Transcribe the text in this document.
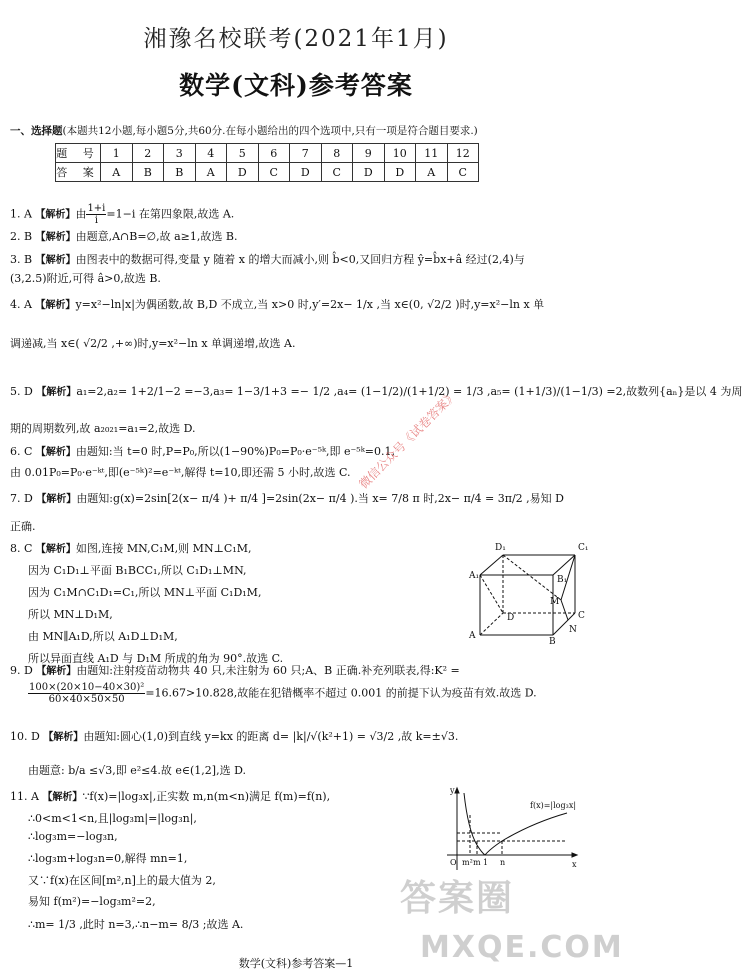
湘豫名校联考(2021年1月)
数学(文科)参考答案
一、选择题(本题共12小题,每小题5分,共60分.在每小题给出的四个选项中,只有一项是符合题目要求.)
题 号	1	2	3	4	5	6	7	8	9	10	11	12
答 案	A	B	B	A	D	C	D	C	D	D	A	C
1. A 【解析】由 $\frac{1+i}{i} =1-i$ 在第四象限,故选 A.
2. B 【解析】由题意,A∩B=∅,故 a≥1,故选 B.
3. B 【解析】由图表中的数据可得,变量 y 随着 x 的增大而减小,则 b̂<0,又回归方程 ŷ=b̂x+â 经过(2,4)与
(3,2.5)附近,可得 â>0,故选 B.
4. A 【解析】y=x²−ln|x|为偶函数,故 B,D 不成立,当 x>0 时,y′=2x− 1/x ,当 x∈(0, √2/2 )时,y=x²−ln x 单
调递减,当 x∈( √2/2 ,+∞)时,y=x²−ln x 单调递增,故选 A.
5. D 【解析】a₁=2,a₂= 1+2/1−2 =−3,a₃= 1−3/1+3 =− 1/2 ,a₄= (1−1/2)/(1+1/2) = 1/3 ,a₅= (1+1/3)/(1−1/3) =2,故数列{aₙ}是以 4 为周
期的周期数列,故 a₂₀₂₁=a₁=2,故选 D.
6. C 【解析】由题知:当 t=0 时,P=P₀,所以(1−90%)P₀=P₀·e⁻⁵ᵏ,即 e⁻⁵ᵏ=0.1,
由 0.01P₀=P₀·e⁻ᵏᵗ,即(e⁻⁵ᵏ)²=e⁻ᵏᵗ,解得 t=10,即还需 5 小时,故选 C.
7. D 【解析】由题知:g(x)=2sin[2(x− π/4 )+ π/4 ]=2sin(2x− π/4 ).当 x= 7/8 π 时,2x− π/4 = 3π/2 ,易知 D
正确.
8. C 【解析】如图,连接 MN,C₁M,则 MN⊥C₁M,
因为 C₁D₁⊥平面 B₁BCC₁,所以 C₁D₁⊥MN,
因为 C₁M∩C₁D₁=C₁,所以 MN⊥平面 C₁D₁M,
所以 MN⊥D₁M,
由 MN∥A₁D,所以 A₁D⊥D₁M,
所以异面直线 A₁D 与 D₁M 所成的角为 90°.故选 C.
D₁	C₁
A₁	B₁
D
M
C
A
B
N
9. D 【解析】由题知:注射疫苗动物共 40 只,未注射为 60 只;A、B 正确.补充列联表,得:K² =
$\frac{\text{100×(20×10−40×30)²}}{60\times 40\times 50\times 50} =16.67>10.828$,故能在犯错概率不超过 0.001 的前提下认为疫苗有效.故选 D.
10. D 【解析】由题知:圆心(1,0)到直线 y=kx 的距离 d= |k|/√(k²+1) = √3/2 ,故 k=±√3.
由题意: b/a ≤√3,即 e²≤4.故 e∈(1,2],选 D.
11. A 【解析】∵f(x)=|log₃x|,正实数 m,n(m<n)满足 f(m)=f(n),
∴0<m<1<n,且|log₃m|=|log₃n|,
∴log₃m=−log₃n,
∴log₃m+log₃n=0,解得 mn=1,
又∵f(x)在区间[m²,n]上的最大值为 2,
易知 f(m²)=−log₃m²=2,
∴m= 1/3 ,此时 n=3,∴n−m= 8/3 ;故选 A.
y
x
O
f(x)=|log₃x|
m² m 1 n
微信公众号《试卷答案》
答案圈
MXQE.COM
数学(文科)参考答案—1
